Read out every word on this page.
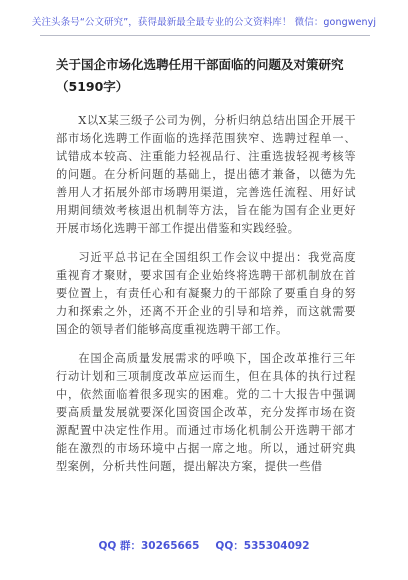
关注头条号“公文研究”，获得最新最全最专业的公文资料库！ 微信：gongwenyj
关于国企市场化选聘任用干部面临的问题及对策研究
（5190字）

X以X某三级子公司为例，分析归纳总结出国企开展干部市场化选聘工作面临的选择范围狭窄、选聘过程单一、试错成本较高、注重能力轻视品行、注重选拔轻视考核等的问题。在分析问题的基础上，提出德才兼备，以德为先善用人才拓展外部市场聘用渠道，完善选任流程、用好试用期间绩效考核退出机制等方法，旨在能为国有企业更好开展市场化选聘干部工作提出借鉴和实践经验。

习近平总书记在全国组织工作会议中提出：我党高度重视育才聚财，要求国有企业始终将选聘干部机制放在首要位置上，有责任心和有凝聚力的干部除了要重自身的努力和探索之外，还离不开企业的引导和培养，而这就需要国企的领导者们能够高度重视选聘干部工作。

在国企高质量发展需求的呼唤下，国企改革推行三年行动计划和三项制度改革应运而生，但在具体的执行过程中，依然面临着很多现实的困难。党的二十大报告中强调要高质量发展就要深化国资国企改革，充分发挥市场在资源配置中决定性作用。而通过市场化机制公开选聘干部才能在激烈的市场环境中占据一席之地。所以，通过研究典型案例，分析共性问题，提出解决方案，提供一些借

QQ 群：30265665 QQ：535304092
